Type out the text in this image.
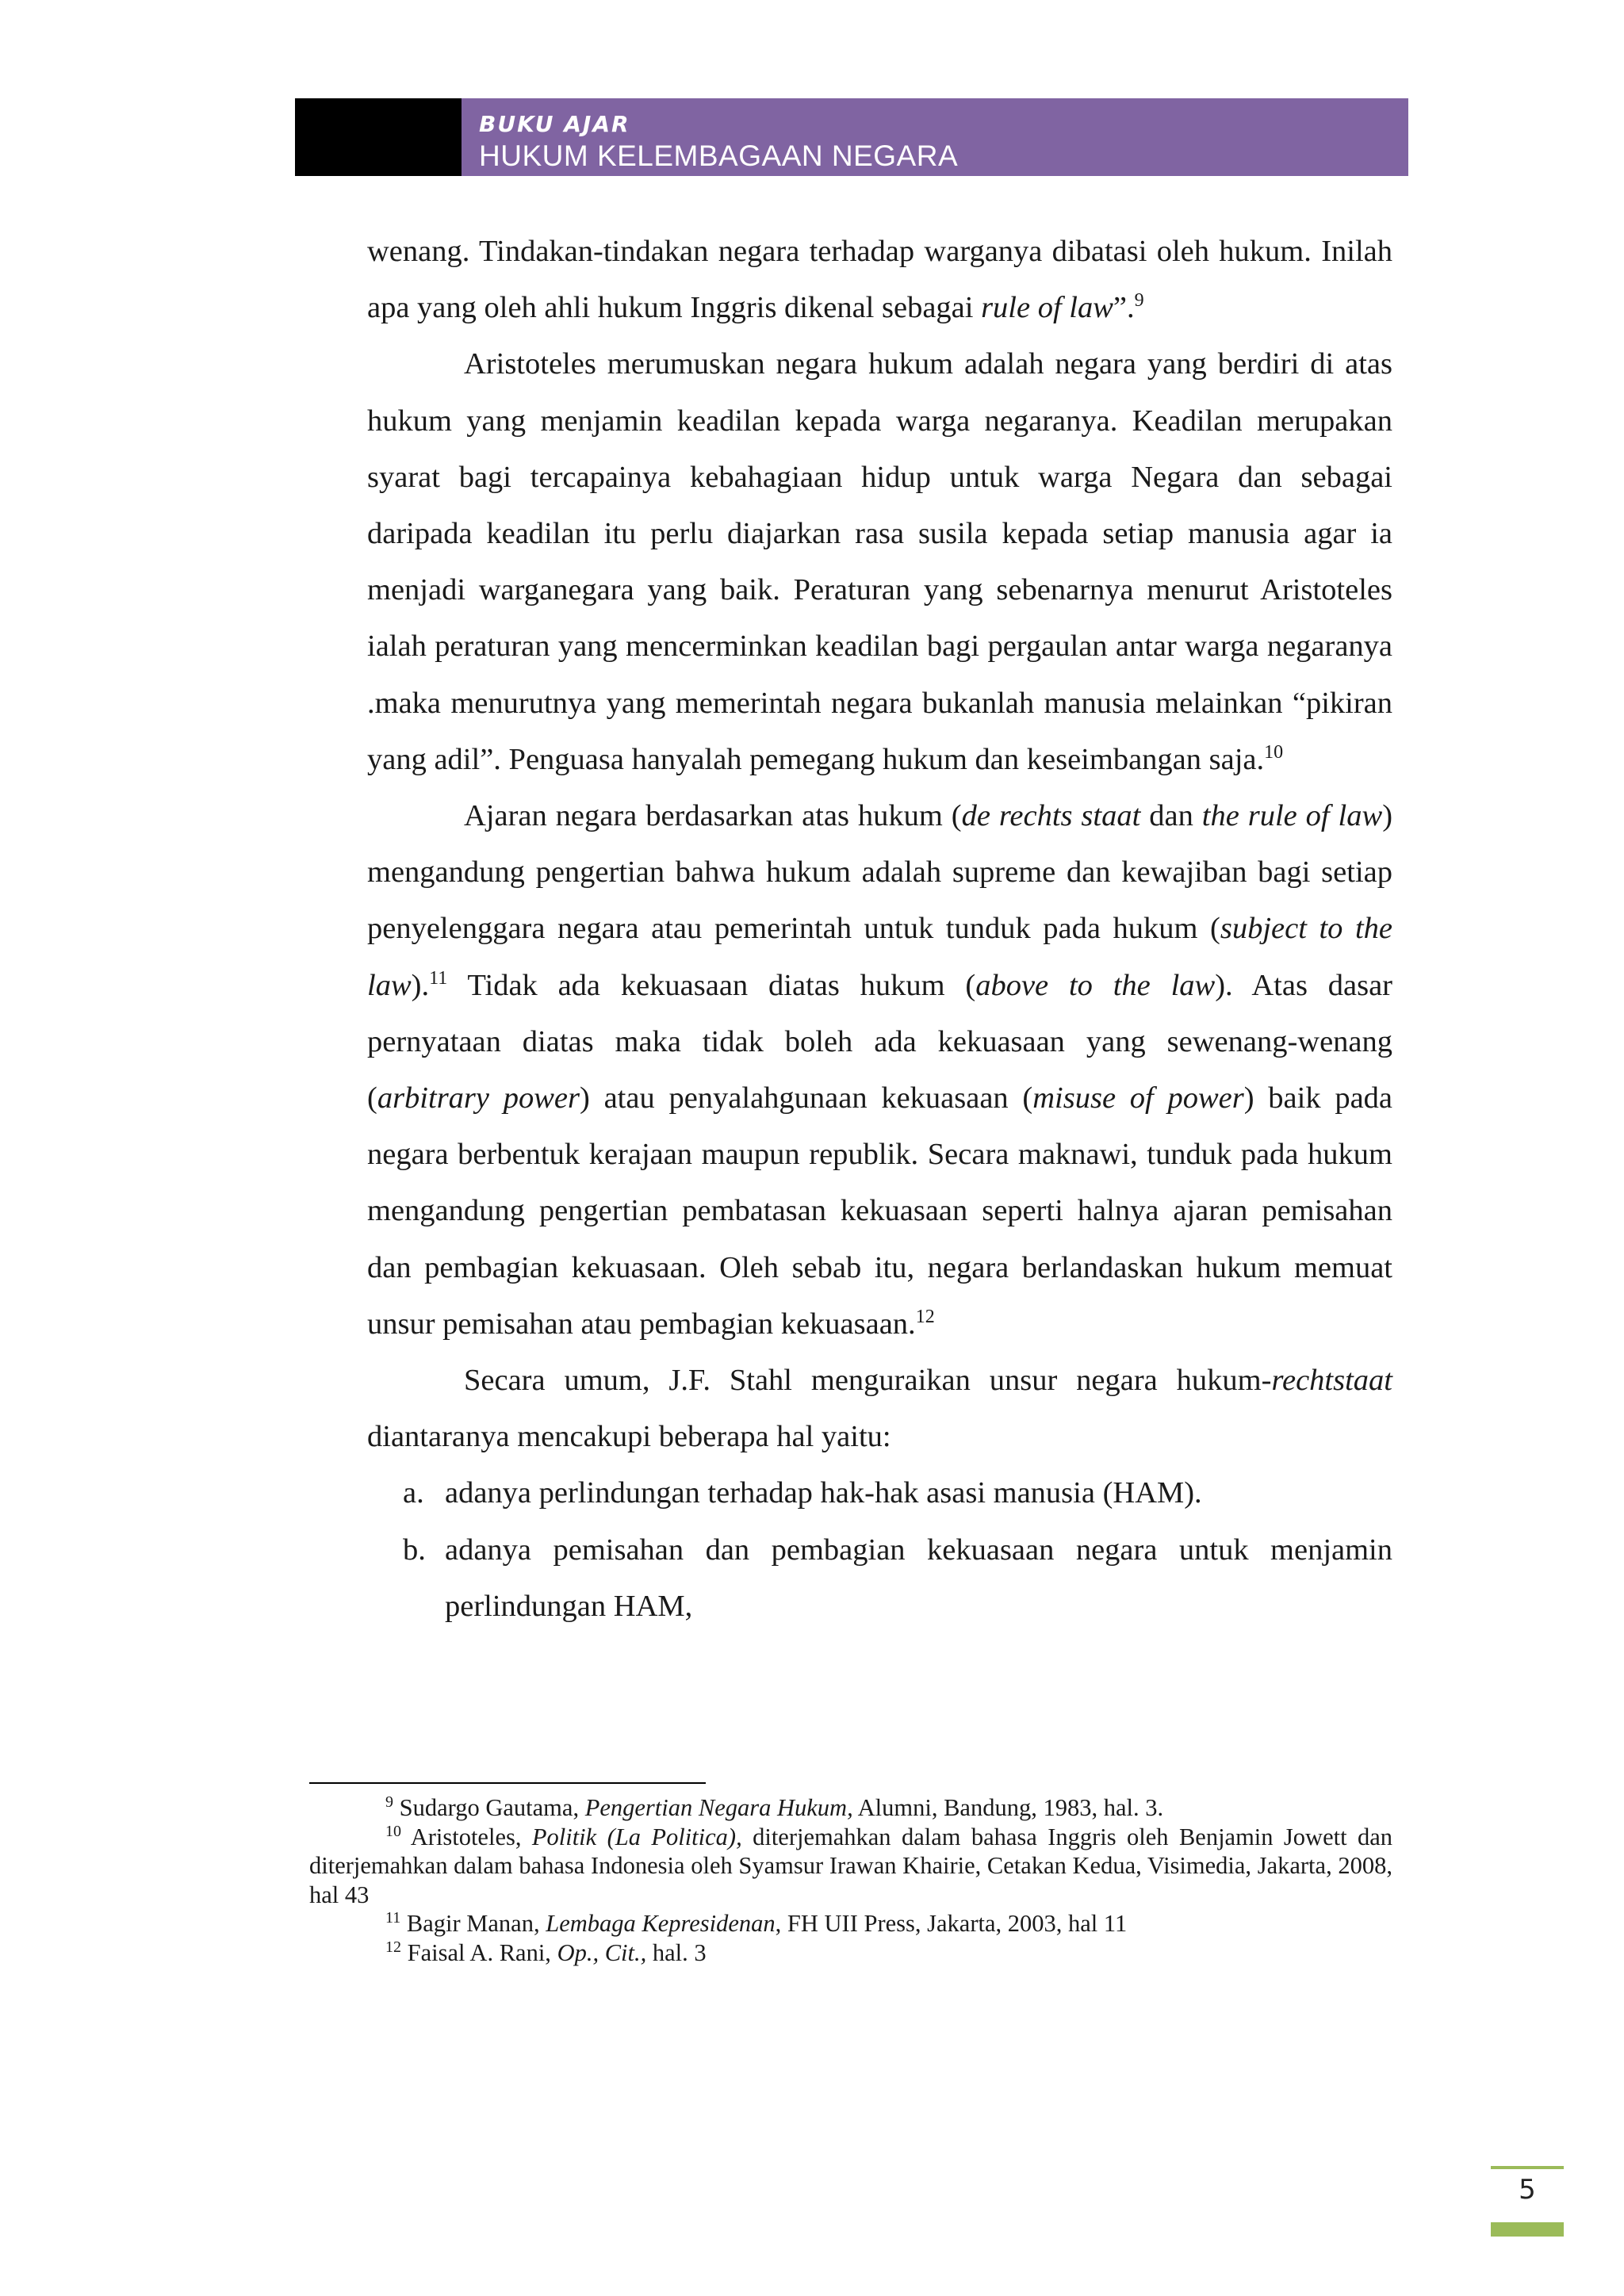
BUKU AJAR
HUKUM KELEMBAGAAN NEGARA

wenang. Tindakan-tindakan negara terhadap warganya dibatasi oleh hukum. Inilah apa yang oleh ahli hukum Inggris dikenal sebagai rule of law”.$^9$

Aristoteles merumuskan negara hukum adalah negara yang berdiri di atas hukum yang menjamin keadilan kepada warga negaranya. Keadilan merupakan syarat bagi tercapainya kebahagiaan hidup untuk warga Negara dan sebagai daripada keadilan itu perlu diajarkan rasa susila kepada setiap manusia agar ia menjadi warganegara yang baik. Peraturan yang sebenarnya menurut Aristoteles ialah peraturan yang mencerminkan keadilan bagi pergaulan antar warga negaranya .maka menurutnya yang memerintah negara bukanlah manusia melainkan “pikiran yang adil”. Penguasa hanyalah pemegang hukum dan keseimbangan saja.$^{10}$

Ajaran negara berdasarkan atas hukum (de rechts staat dan the rule of law) mengandung pengertian bahwa hukum adalah supreme dan kewajiban bagi setiap penyelenggara negara atau pemerintah untuk tunduk pada hukum (subject to the law).$^{11}$ Tidak ada kekuasaan diatas hukum (above to the law). Atas dasar pernyataan diatas maka tidak boleh ada kekuasaan yang sewenang-wenang (arbitrary power) atau penyalahgunaan kekuasaan (misuse of power) baik pada negara berbentuk kerajaan maupun republik. Secara maknawi, tunduk pada hukum mengandung pengertian pembatasan kekuasaan seperti halnya ajaran pemisahan dan pembagian kekuasaan. Oleh sebab itu, negara berlandaskan hukum memuat unsur pemisahan atau pembagian kekuasaan.$^{12}$

Secara umum, J.F. Stahl menguraikan unsur negara hukum-rechtstaat diantaranya mencakupi beberapa hal yaitu:

a. adanya perlindungan terhadap hak-hak asasi manusia (HAM).
b. adanya pemisahan dan pembagian kekuasaan negara untuk menjamin perlindungan HAM,

$^9$ Sudargo Gautama, Pengertian Negara Hukum, Alumni, Bandung, 1983, hal. 3.

$^{10}$ Aristoteles, Politik (La Politica), diterjemahkan dalam bahasa Inggris oleh Benjamin Jowett dan diterjemahkan dalam bahasa Indonesia oleh Syamsur Irawan Khairie, Cetakan Kedua, Visimedia, Jakarta, 2008, hal 43

$^{11}$ Bagir Manan, Lembaga Kepresidenan, FH UII Press, Jakarta, 2003, hal 11

$^{12}$ Faisal A. Rani, Op., Cit., hal. 3

5
